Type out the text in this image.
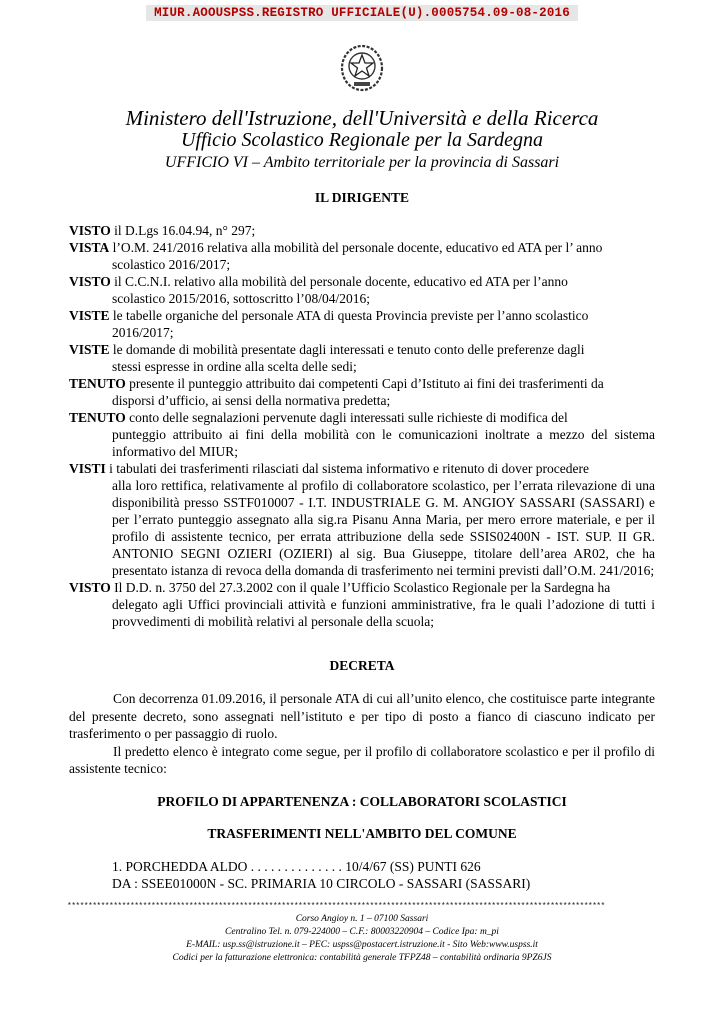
MIUR.AOOUSPSS.REGISTRO UFFICIALE(U).0005754.09-08-2016
Ministero dell'Istruzione, dell'Università e della Ricerca
Ufficio Scolastico Regionale per la Sardegna
UFFICIO VI – Ambito territoriale per la provincia di Sassari
IL DIRIGENTE
VISTO il D.Lgs 16.04.94, n° 297;
VISTA l’O.M. 241/2016 relativa alla mobilità del personale docente, educativo ed ATA per l’ anno
scolastico 2016/2017;
VISTO il C.C.N.I. relativo alla mobilità del personale docente, educativo ed ATA per l’anno
scolastico 2015/2016, sottoscritto l’08/04/2016;
VISTE le tabelle organiche del personale ATA di questa Provincia previste per l’anno scolastico
2016/2017;
VISTE le domande di mobilità presentate dagli interessati e tenuto conto delle preferenze dagli
stessi espresse in ordine alla scelta delle sedi;
TENUTO presente il punteggio attribuito dai competenti Capi d’Istituto ai fini dei trasferimenti da
disporsi d’ufficio, ai sensi della normativa predetta;
TENUTO conto delle segnalazioni pervenute dagli interessati sulle richieste di modifica del
punteggio attribuito ai fini della mobilità con le comunicazioni inoltrate a mezzo del sistema informativo del MIUR;
VISTI i tabulati dei trasferimenti rilasciati dal sistema informativo e ritenuto di dover procedere
alla loro rettifica, relativamente al profilo di collaboratore scolastico, per l’errata rilevazione di una disponibilità presso SSTF010007 - I.T. INDUSTRIALE G. M. ANGIOY SASSARI (SASSARI) e per l’errato punteggio assegnato alla sig.ra Pisanu Anna Maria, per mero errore materiale, e per il profilo di assistente tecnico, per errata attribuzione della sede SSIS02400N - IST. SUP. II GR. ANTONIO SEGNI OZIERI (OZIERI) al sig. Bua Giuseppe, titolare dell’area AR02, che ha presentato istanza di revoca della domanda di trasferimento nei termini previsti dall’O.M. 241/2016;
VISTO Il D.D. n. 3750 del 27.3.2002 con il quale l’Ufficio Scolastico Regionale per la Sardegna ha
delegato agli Uffici provinciali attività e funzioni amministrative, fra le quali l’adozione di tutti i provvedimenti di mobilità relativi al personale della scuola;
DECRETA
Con decorrenza 01.09.2016, il personale ATA di cui all’unito elenco, che costituisce parte integrante del presente decreto, sono assegnati nell’istituto e per tipo di posto a fianco di ciascuno indicato per trasferimento o per passaggio di ruolo.
Il predetto elenco è integrato come segue, per il profilo di collaboratore scolastico e per il profilo di assistente tecnico:
PROFILO DI APPARTENENZA : COLLABORATORI SCOLASTICI
TRASFERIMENTI NELL'AMBITO DEL COMUNE
1. PORCHEDDA ALDO . . . . . . . . . . . . . . 10/4/67 (SS) PUNTI 626
DA : SSEE01000N - SC. PRIMARIA 10 CIRCOLO - SASSARI (SASSARI)
********************************************************************************************************************************
Corso Angioy n. 1 – 07100 Sassari
Centralino Tel. n. 079-224000 – C.F.: 80003220904 – Codice Ipa: m_pi
E-MAIL: usp.ss@istruzione.it – PEC: uspss@postacert.istruzione.it - Sito Web:www.uspss.it
Codici per la fatturazione elettronica: contabilità generale TFPZ48 – contabilità ordinaria 9PZ6JS
